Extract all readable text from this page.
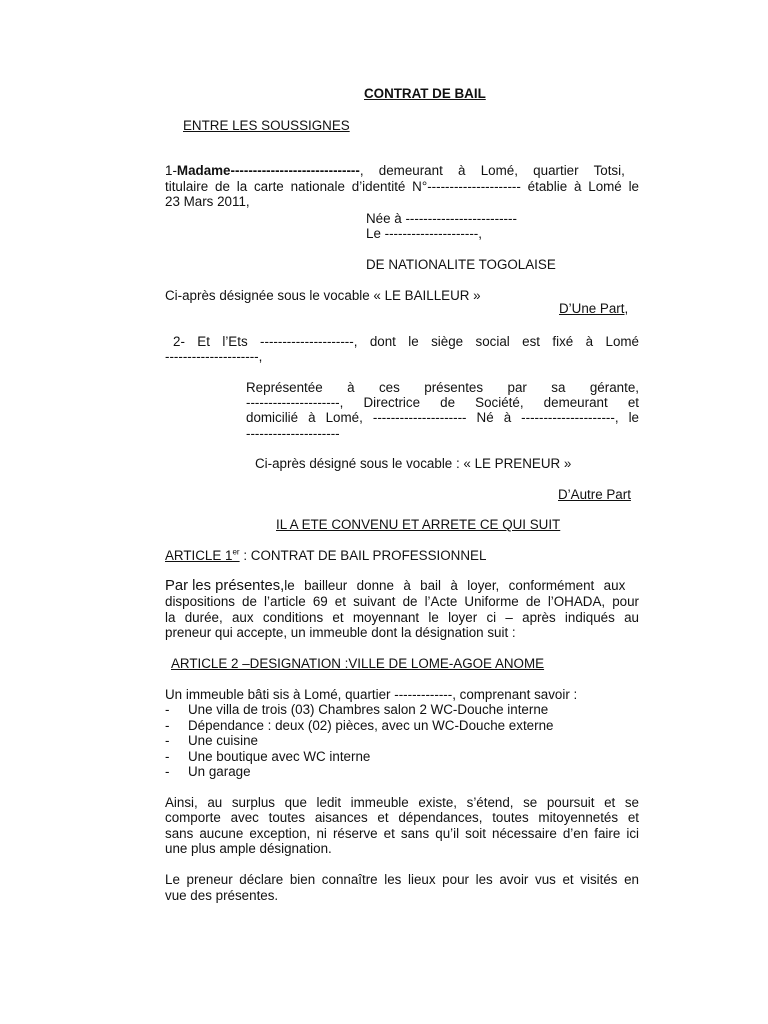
CONTRAT DE BAIL

ENTRE LES SOUSSIGNES

1-Madame-----------------------------, demeurant à Lomé, quartier Totsi,

titulaire de la carte nationale d’identité N°--------------------- établie à Lomé le

23 Mars 2011,

Née à -------------------------

Le ---------------------,

DE NATIONALITE TOGOLAISE

Ci-après désignée sous le vocable « LE BAILLEUR »

D’Une Part,

2- Et l’Ets ---------------------, dont le siège social est fixé à Lomé

---------------------,

Représentée à ces présentes par sa gérante,

---------------------, Directrice de Société, demeurant et

domicilié à Lomé, --------------------- Né à ---------------------, le

---------------------

Ci-après désigné sous le vocable : « LE PRENEUR »

D’Autre Part

IL A ETE CONVENU ET ARRETE CE QUI SUIT

ARTICLE 1er : CONTRAT DE BAIL PROFESSIONNEL

Par les présentes,le bailleur donne à bail à loyer, conformément aux

dispositions de l’article 69 et suivant de l’Acte Uniforme de l’OHADA, pour

la durée, aux conditions et moyennant le loyer ci – après indiqués au

preneur qui accepte, un immeuble dont la désignation suit :

ARTICLE 2 –DESIGNATION :VILLE DE LOME-AGOE ANOME

Un immeuble bâti sis à Lomé, quartier -------------, comprenant savoir :

- Une villa de trois (03) Chambres salon 2 WC-Douche interne

- Dépendance : deux (02) pièces, avec un WC-Douche externe

- Une cuisine

- Une boutique avec WC interne

- Un garage

Ainsi, au surplus que ledit immeuble existe, s’étend, se poursuit et se

comporte avec toutes aisances et dépendances, toutes mitoyennetés et

sans aucune exception, ni réserve et sans qu’il soit nécessaire d’en faire ici

une plus ample désignation.

Le preneur déclare bien connaître les lieux pour les avoir vus et visités en

vue des présentes.
